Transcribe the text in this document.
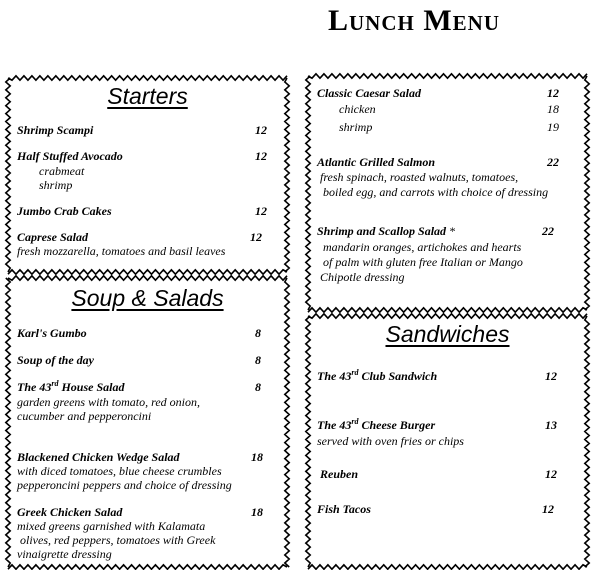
Lunch Menu
Starters
Shrimp Scampi	12
Half Stuffed Avocado	12
crabmeat
shrimp
Jumbo Crab Cakes	12
Caprese Salad	12
fresh mozzarella, tomatoes and basil leaves
Soup & Salads
Karl's Gumbo	8
Soup of the day	8
The 43rd House Salad	8
garden greens with tomato, red onion,
cucumber and pepperoncini
Blackened Chicken Wedge Salad	18
with diced tomatoes, blue cheese crumbles
pepperoncini peppers and choice of dressing
Greek Chicken Salad	18
mixed greens garnished with Kalamata
olives, red peppers, tomatoes with Greek
vinaigrette dressing
Classic Caesar Salad	12
chicken	18
shrimp	19
Atlantic Grilled Salmon	22
fresh spinach, roasted walnuts, tomatoes,
boiled egg, and carrots with choice of dressing
Shrimp and Scallop Salad *	22
mandarin oranges, artichokes and hearts
of palm with gluten free Italian or Mango
Chipotle dressing
Sandwiches
The 43rd Club Sandwich	12
The 43rd Cheese Burger	13
served with oven fries or chips
Reuben	12
Fish Tacos	12
